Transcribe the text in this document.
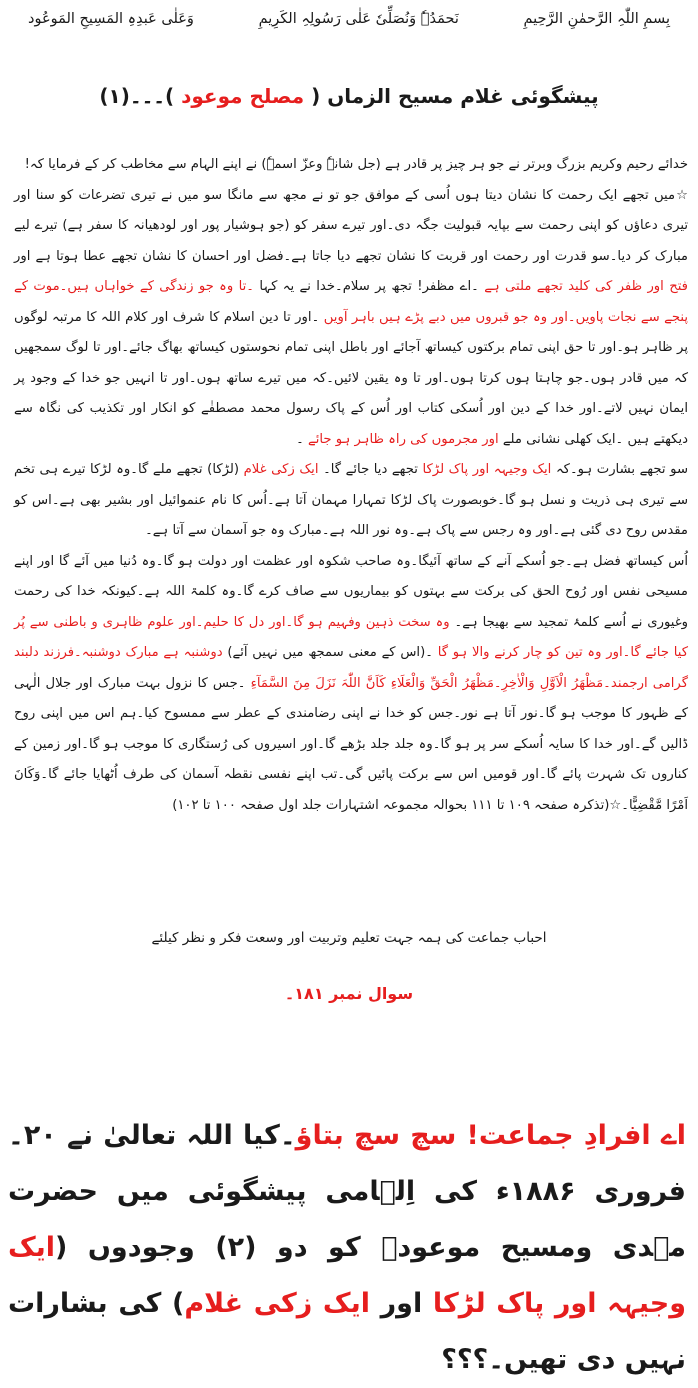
بِسمِ اللّٰہِ الرَّحمٰنِ الرَّحِیمِ
نَحمَدُہٗ وَنُصَلِّیٗ عَلٰی رَسُولِہِ الکَرِیمِ
وَعَلٰی عَبدِہِ المَسِیحِ المَوعُود
پیشگوئی غلام مسیح الزماں ( مصلح موعود )۔۔۔(۱)

خدائے رحیم وکریم بزرگ وبرتر نے جو ہر چیز پر قادر ہے (جل شانہٗ وعزّ اسمہٗ) نے اپنے الہام سے مخاطب کر کے فرمایا کہ!

☆میں تجھے ایک رحمت کا نشان دیتا ہوں اُسی کے موافق جو تو نے مجھ سے مانگا سو میں نے تیری تضرعات کو سنا اور تیری دعاؤں کو اپنی رحمت سے بپایہ قبولیت جگہ دی۔اور تیرے سفر کو (جو ہوشیار پور اور لودھیانہ کا سفر ہے) تیرے لیے مبارک کر دیا۔سو قدرت اور رحمت اور قربت کا نشان تجھے دیا جاتا ہے۔فضل اور احسان کا نشان تجھے عطا ہوتا ہے اور فتح اور ظفر کی کلید تجھے ملتی ہے ۔اے مظفر! تجھ پر سلام۔خدا نے یہ کہا ۔تا وہ جو زندگی کے خواہاں ہیں۔موت کے پنجے سے نجات پاویں۔اور وہ جو قبروں میں دبے پڑے ہیں باہر آویں ۔اور تا دین اسلام کا شرف اور کلام اللہ کا مرتبہ لوگوں پر ظاہر ہو۔اور تا حق اپنی تمام برکتوں کیساتھ آجائے اور باطل اپنی تمام نحوستوں کیساتھ بھاگ جائے۔اور تا لوگ سمجھیں کہ میں قادر ہوں۔جو چاہتا ہوں کرتا ہوں۔اور تا وہ یقین لائیں۔کہ میں تیرے ساتھ ہوں۔اور تا انہیں جو خدا کے وجود پر ایمان نہیں لاتے۔اور خدا کے دین اور اُسکی کتاب اور اُس کے پاک رسول محمد مصطفٰے کو انکار اور تکذیب کی نگاہ سے دیکھتے ہیں ۔ایک کھلی نشانی ملے اور مجرموں کی راہ ظاہر ہو جائے ۔

سو تجھے بشارت ہو۔کہ ایک وجیہہ اور پاک لڑکا تجھے دیا جائے گا۔ ایک زکی غلام (لڑکا) تجھے ملے گا۔وہ لڑکا تیرے ہی تخم سے تیری ہی ذریت و نسل ہو گا۔خوبصورت پاک لڑکا تمہارا مہمان آتا ہے۔اُس کا نام عنموائیل اور بشیر بھی ہے۔اس کو مقدس روح دی گئی ہے۔اور وہ رجس سے پاک ہے۔وہ نور اللہ ہے۔مبارک وہ جو آسمان سے آتا ہے۔

اُس کیساتھ فضل ہے۔جو اُسکے آنے کے ساتھ آئیگا۔وہ صاحب شکوہ اور عظمت اور دولت ہو گا۔وہ دُنیا میں آئے گا اور اپنے مسیحی نفس اور رُوح الحق کی برکت سے بہتوں کو بیماریوں سے صاف کرے گا۔وہ کلمۃ اللہ ہے۔کیونکہ خدا کی رحمت وغیوری نے اُسے کلمۂ تمجید سے بھیجا ہے۔ وہ سخت ذہین وفہیم ہو گا۔اور دل کا حلیم۔اور علوم ظاہری و باطنی سے پُر کیا جائے گا۔اور وہ تین کو چار کرنے والا ہو گا ۔(اس کے معنی سمجھ میں نہیں آئے) دوشنبہ ہے مبارک دوشنبہ۔فرزند دلبند گرامی ارجمند۔مَظْھَرُ الْاَوَّلِ وَالْاٰخِرِ۔مَظْھَرُ الْحَقِّ وَالْعَلَاءِ کَاَنَّ اللّٰہَ نَزَلَ مِنَ السَّمَآءِ ۔جس کا نزول بہت مبارک اور جلال الٰہی کے ظہور کا موجب ہو گا۔نور آتا ہے نور۔جس کو خدا نے اپنی رضامندی کے عطر سے ممسوح کیا۔ہم اس میں اپنی روح ڈالیں گے۔اور خدا کا سایہ اُسکے سر پر ہو گا۔وہ جلد جلد بڑھے گا۔اور اسیروں کی رُستگاری کا موجب ہو گا۔اور زمین کے کناروں تک شہرت پائے گا۔اور قومیں اس سے برکت پائیں گی۔تب اپنے نفسی نقطہ آسمان کی طرف اُٹھایا جائے گا۔وَکَانَ اَمْرًا مَّقْضِیًّا۔☆(تذکرہ صفحہ ۱۰۹ تا ۱۱۱ بحوالہ مجموعہ اشتہارات جلد اول صفحہ ۱۰۰ تا ۱۰۲)

احباب جماعت کی ہمہ جہت تعلیم وتربیت اور وسعت فکر و نظر کیلئے
سوال نمبر ۱۸۱۔
اے افرادِ جماعت! سچ سچ بتاؤ۔کیا اللہ تعالیٰ نے ۲۰۔فروری ۱۸۸۶ء کی اِلہامی پیشگوئی میں حضرت مہدی ومسیح موعودؑ کو دو (۲) وجودوں (ایک وجیہہ اور پاک لڑکا اور ایک زکی غلام) کی بشارات نہیں دی تھیں۔؟؟؟
